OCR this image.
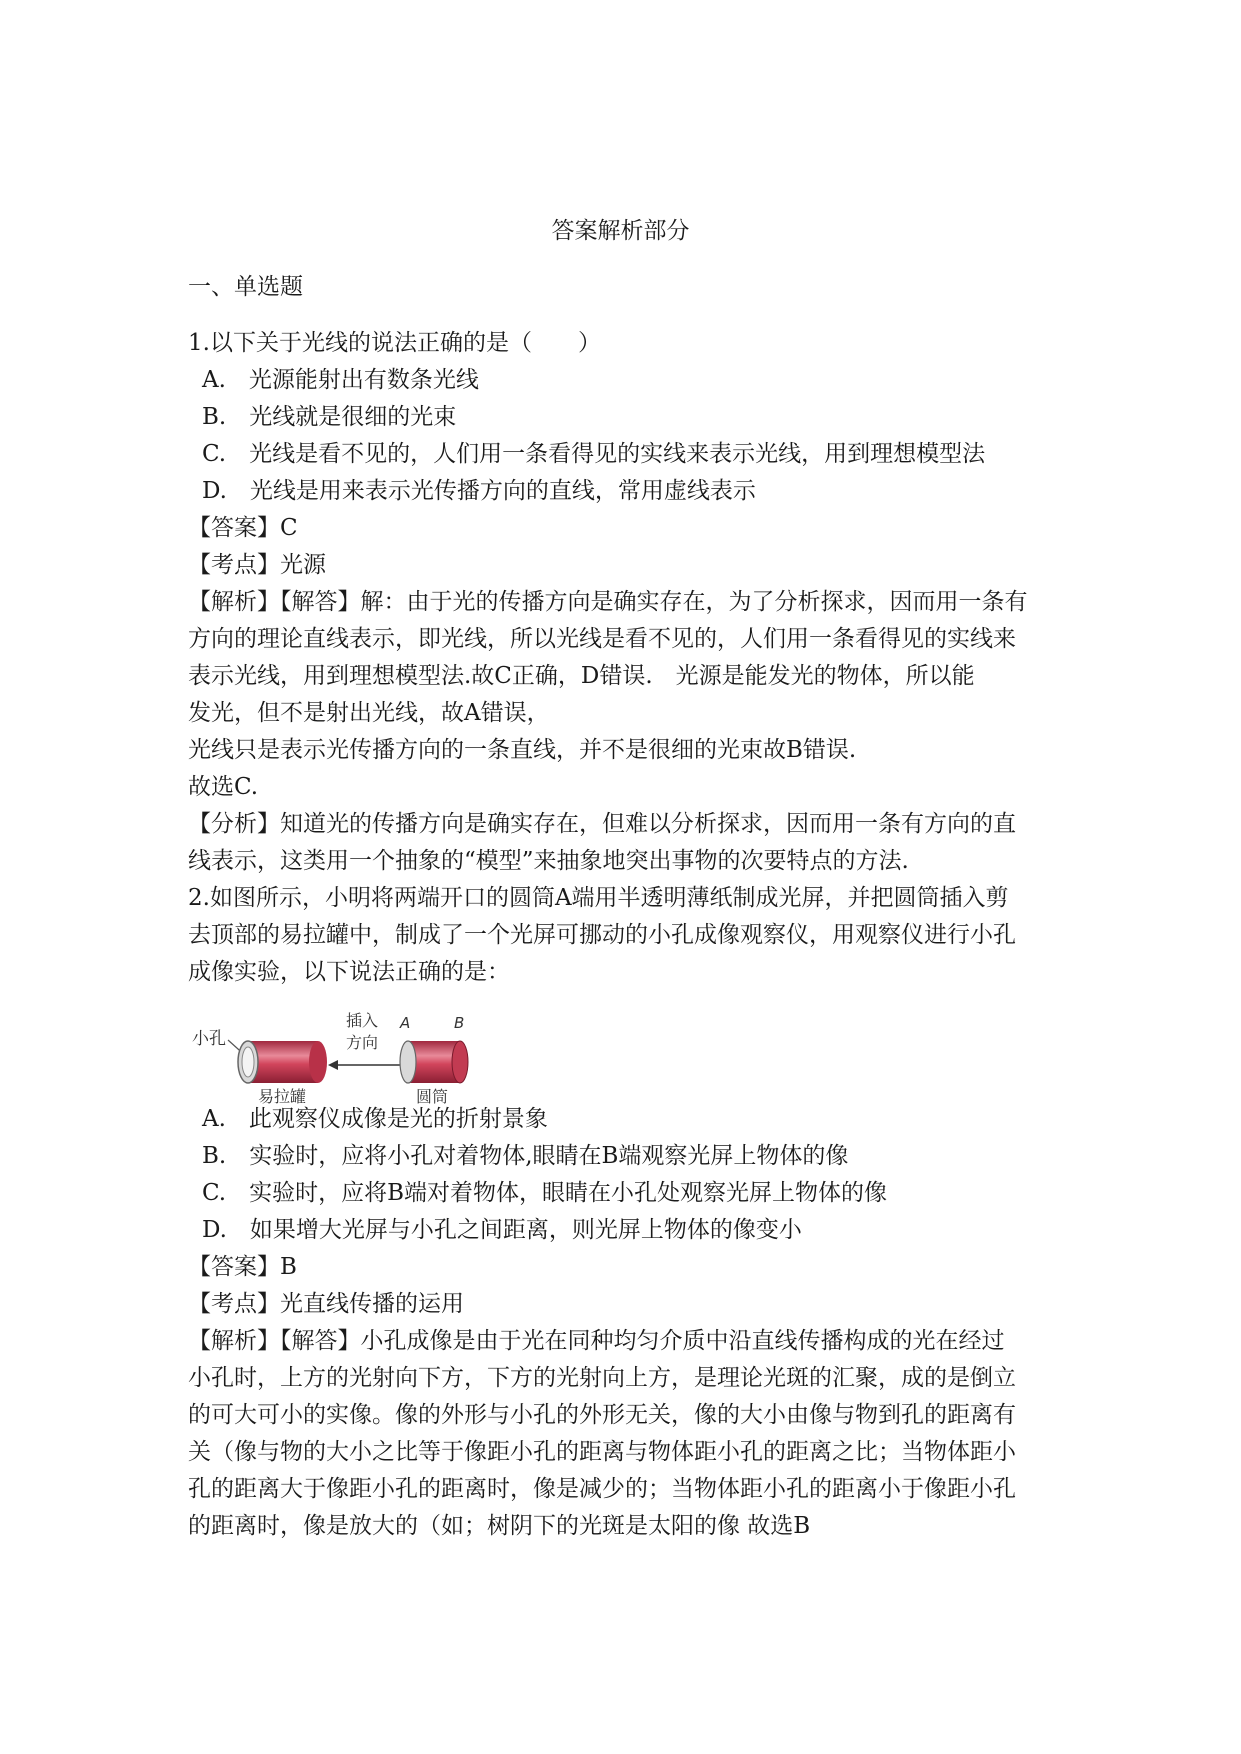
答案解析部分
一、单选题

1.以下关于光线的说法正确的是（　　）

A.　光源能射出有数条光线

B.　光线就是很细的光束

C.　光线是看不见的，人们用一条看得见的实线来表示光线，用到理想模型法

D.　光线是用来表示光传播方向的直线，常用虚线表示

【答案】C

【考点】光源

【解析】【解答】解：由于光的传播方向是确实存在，为了分析探求，因而用一条有

方向的理论直线表示，即光线，所以光线是看不见的，人们用一条看得见的实线来

表示光线，用到理想模型法.故C正确，D错误.　光源是能发光的物体，所以能

发光，但不是射出光线，故A错误，

光线只是表示光传播方向的一条直线，并不是很细的光束故B错误.

故选C.

【分析】知道光的传播方向是确实存在，但难以分析探求，因而用一条有方向的直

线表示，这类用一个抽象的“模型”来抽象地突出事物的次要特点的方法.

2.如图所示，小明将两端开口的圆筒A端用半透明薄纸制成光屏，并把圆筒插入剪

去顶部的易拉罐中，制成了一个光屏可挪动的小孔成像观察仪，用观察仪进行小孔

成像实验，以下说法正确的是：

小孔
易拉罐
插入
方向
A	B
圆筒

A.　此观察仪成像是光的折射景象

B.　实验时，应将小孔对着物体,眼睛在B端观察光屏上物体的像

C.　实验时，应将B端对着物体，眼睛在小孔处观察光屏上物体的像

D.　如果增大光屏与小孔之间距离，则光屏上物体的像变小

【答案】B

【考点】光直线传播的运用

【解析】【解答】小孔成像是由于光在同种均匀介质中沿直线传播构成的光在经过

小孔时，上方的光射向下方，下方的光射向上方，是理论光斑的汇聚，成的是倒立

的可大可小的实像。像的外形与小孔的外形无关，像的大小由像与物到孔的距离有

关（像与物的大小之比等于像距小孔的距离与物体距小孔的距离之比；当物体距小

孔的距离大于像距小孔的距离时，像是减少的；当物体距小孔的距离小于像距小孔

的距离时，像是放大的（如；树阴下的光斑是太阳的像 故选B
